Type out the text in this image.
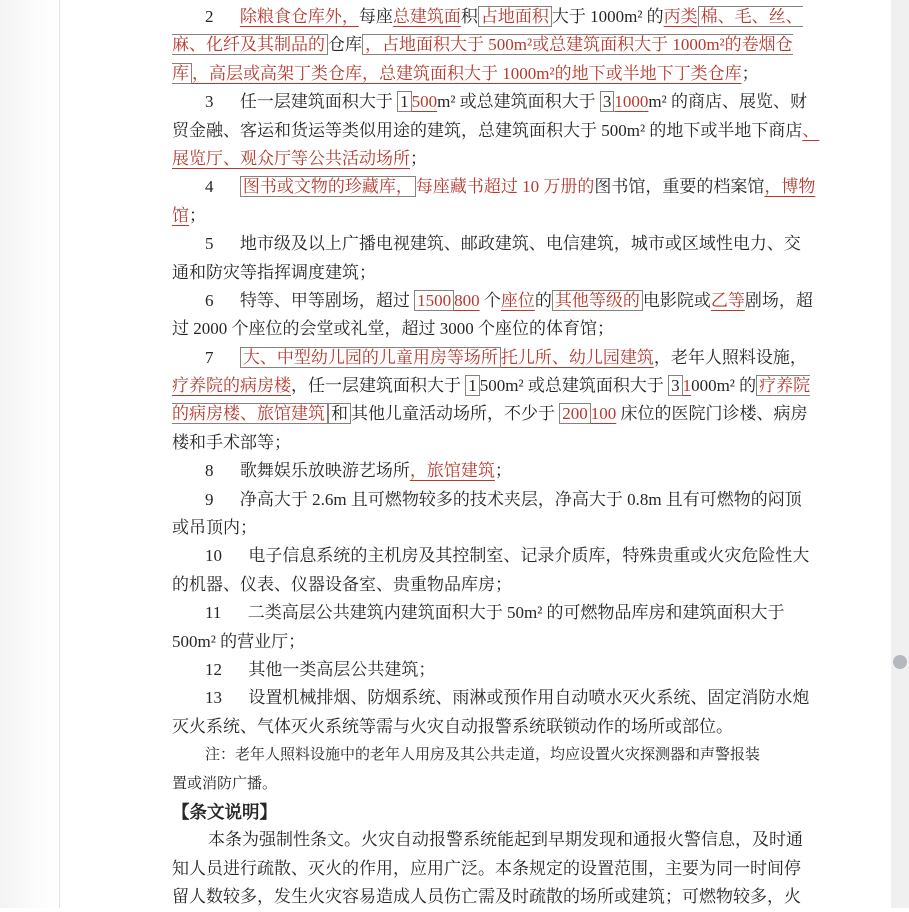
2 除粮食仓库外，每座总建筑面积 占地面积 大于 1000m² 的丙类 棉、毛、丝、
麻、化纤及其制品的 仓库 ，占地面积大于 500m²或总建筑面积大于 1000m²的卷烟仓
库 ，高层或高架丁类仓库，总建筑面积大于 1000m²的地下或半地下丁类仓库；
3 任一层建筑面积大于 1 500m² 或总建筑面积大于 3 1000m² 的商店、展览、财
贸金融、客运和货运等类似用途的建筑，总建筑面积大于 500m² 的地下或半地下商店、
展览厅、观众厅等公共活动场所；
4 图书或文物的珍藏库， 每座藏书超过 10 万册的图书馆，重要的档案馆，博物
馆；
5 地市级及以上广播电视建筑、邮政建筑、电信建筑，城市或区域性电力、交
通和防灾等指挥调度建筑；
6 特等、甲等剧场，超过 1500 800 个座位的 其他等级的 电影院或乙等剧场，超
过 2000 个座位的会堂或礼堂，超过 3000 个座位的体育馆；
7 大、中型幼儿园的儿童用房等场所 托儿所、幼儿园建筑，老年人照料设施，
疗养院的病房楼，任一层建筑面积大于 1 500m² 或总建筑面积大于 3 1000m² 的 疗养院
的病房楼、旅馆建筑 和 其他儿童活动场所，不少于 200 100 床位的医院门诊楼、病房
楼和手术部等；
8 歌舞娱乐放映游艺场所，旅馆建筑；
9 净高大于 2.6m 且可燃物较多的技术夹层，净高大于 0.8m 且有可燃物的闷顶
或吊顶内；
10 电子信息系统的主机房及其控制室、记录介质库，特殊贵重或火灾危险性大
的机器、仪表、仪器设备室、贵重物品库房；
11 二类高层公共建筑内建筑面积大于 50m² 的可燃物品库房和建筑面积大于
500m² 的营业厅；
12 其他一类高层公共建筑；
13 设置机械排烟、防烟系统、雨淋或预作用自动喷水灭火系统、固定消防水炮
灭火系统、气体灭火系统等需与火灾自动报警系统联锁动作的场所或部位。
注：老年人照料设施中的老年人用房及其公共走道，均应设置火灾探测器和声警报装
置或消防广播。
【条文说明】
本条为强制性条文。火灾自动报警系统能起到早期发现和通报火警信息，及时通
知人员进行疏散、灭火的作用，应用广泛。本条规定的设置范围，主要为同一时间停
留人数较多，发生火灾容易造成人员伤亡需及时疏散的场所或建筑；可燃物较多，火
